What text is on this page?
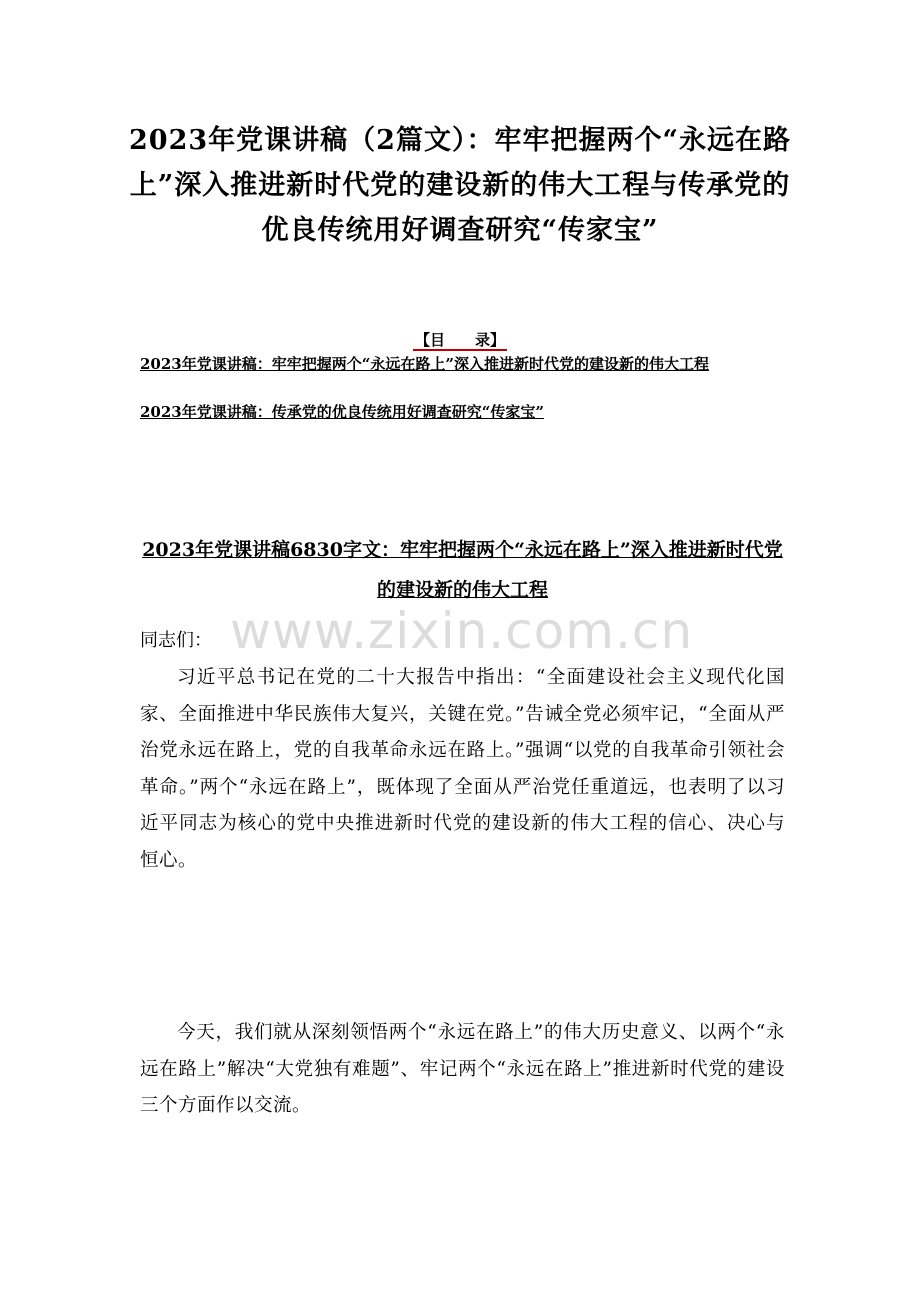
2023年党课讲稿（2篇文）：牢牢把握两个“永远在路上”深入推进新时代党的建设新的伟大工程与传承党的优良传统用好调查研究“传家宝”
【目　　录】
2023年党课讲稿：牢牢把握两个“永远在路上”深入推进新时代党的建设新的伟大工程
2023年党课讲稿：传承党的优良传统用好调查研究“传家宝”
2023年党课讲稿6830字文：牢牢把握两个“永远在路上”深入推进新时代党的建设新的伟大工程
www.zixin.com.cn
同志们：
习近平总书记在党的二十大报告中指出：“全面建设社会主义现代化国家、全面推进中华民族伟大复兴，关键在党。”告诫全党必须牢记，“全面从严治党永远在路上，党的自我革命永远在路上。”强调“以党的自我革命引领社会革命。”两个“永远在路上”，既体现了全面从严治党任重道远，也表明了以习近平同志为核心的党中央推进新时代党的建设新的伟大工程的信心、决心与恒心。
今天，我们就从深刻领悟两个“永远在路上”的伟大历史意义、以两个“永远在路上”解决“大党独有难题”、牢记两个“永远在路上”推进新时代党的建设三个方面作以交流。
